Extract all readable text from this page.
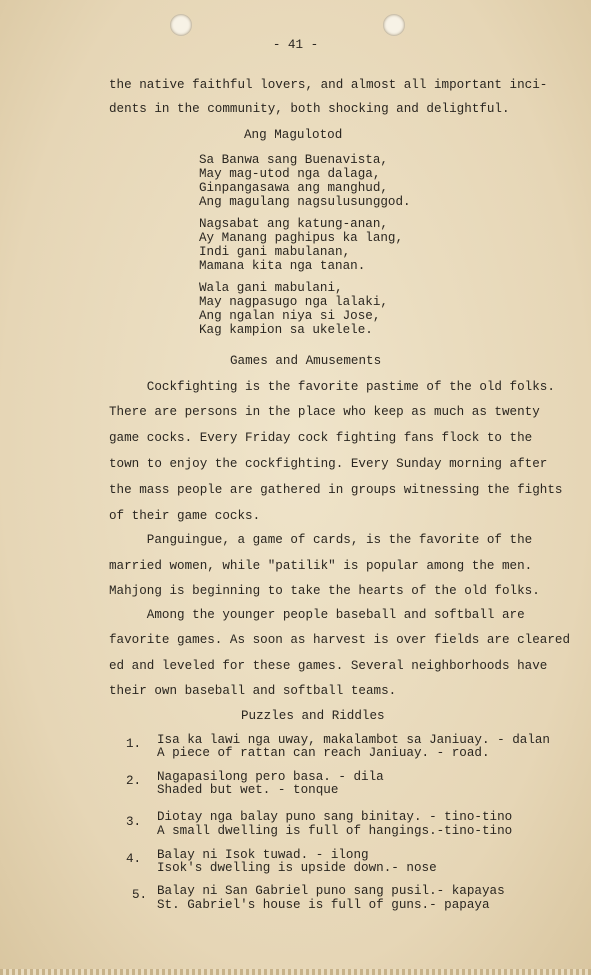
- 41 -
the native faithful lovers, and almost all important inci-
dents in the community, both shocking and delightful.
Ang Magulotod
Sa Banwa sang Buenavista,
May mag-utod nga dalaga,
Ginpangasawa ang manghud,
Ang magulang nagsulusunggod.
Nagsabat ang katung-anan,
Ay Manang paghipus ka lang,
Indi gani mabulanan,
Mamana kita nga tanan.
Wala gani mabulani,
May nagpasugo nga lalaki,
Ang ngalan niya si Jose,
Kag kampion sa ukelele.
Games and Amusements
Cockfighting is the favorite pastime of the old folks.
There are persons in the place who keep as much as twenty
game cocks. Every Friday cock fighting fans flock to the
town to enjoy the cockfighting. Every Sunday morning after
the mass people are gathered in groups witnessing the fights
of their game cocks.
Panguingue, a game of cards, is the favorite of the
married women, while "patilik" is popular among the men.
Mahjong is beginning to take the hearts of the old folks.
Among the younger people baseball and softball are
favorite games. As soon as harvest is over fields are cleared
ed and leveled for these games. Several neighborhoods have
their own baseball and softball teams.
Puzzles and Riddles
1. Isa ka lawi nga uway, makalambot sa Janiuay. - dalan
A piece of rattan can reach Janiuay. - road.
2. Nagapasilong pero basa. - dila
Shaded but wet. - tonque
3. Diotay nga balay puno sang binitay. - tino-tino
A small dwelling is full of hangings.-tino-tino
4. Balay ni Isok tuwad. - ilong
Isok's dwelling is upside down.- nose
5. Balay ni San Gabriel puno sang pusil.- kapayas
St. Gabriel's house is full of guns.- papaya
